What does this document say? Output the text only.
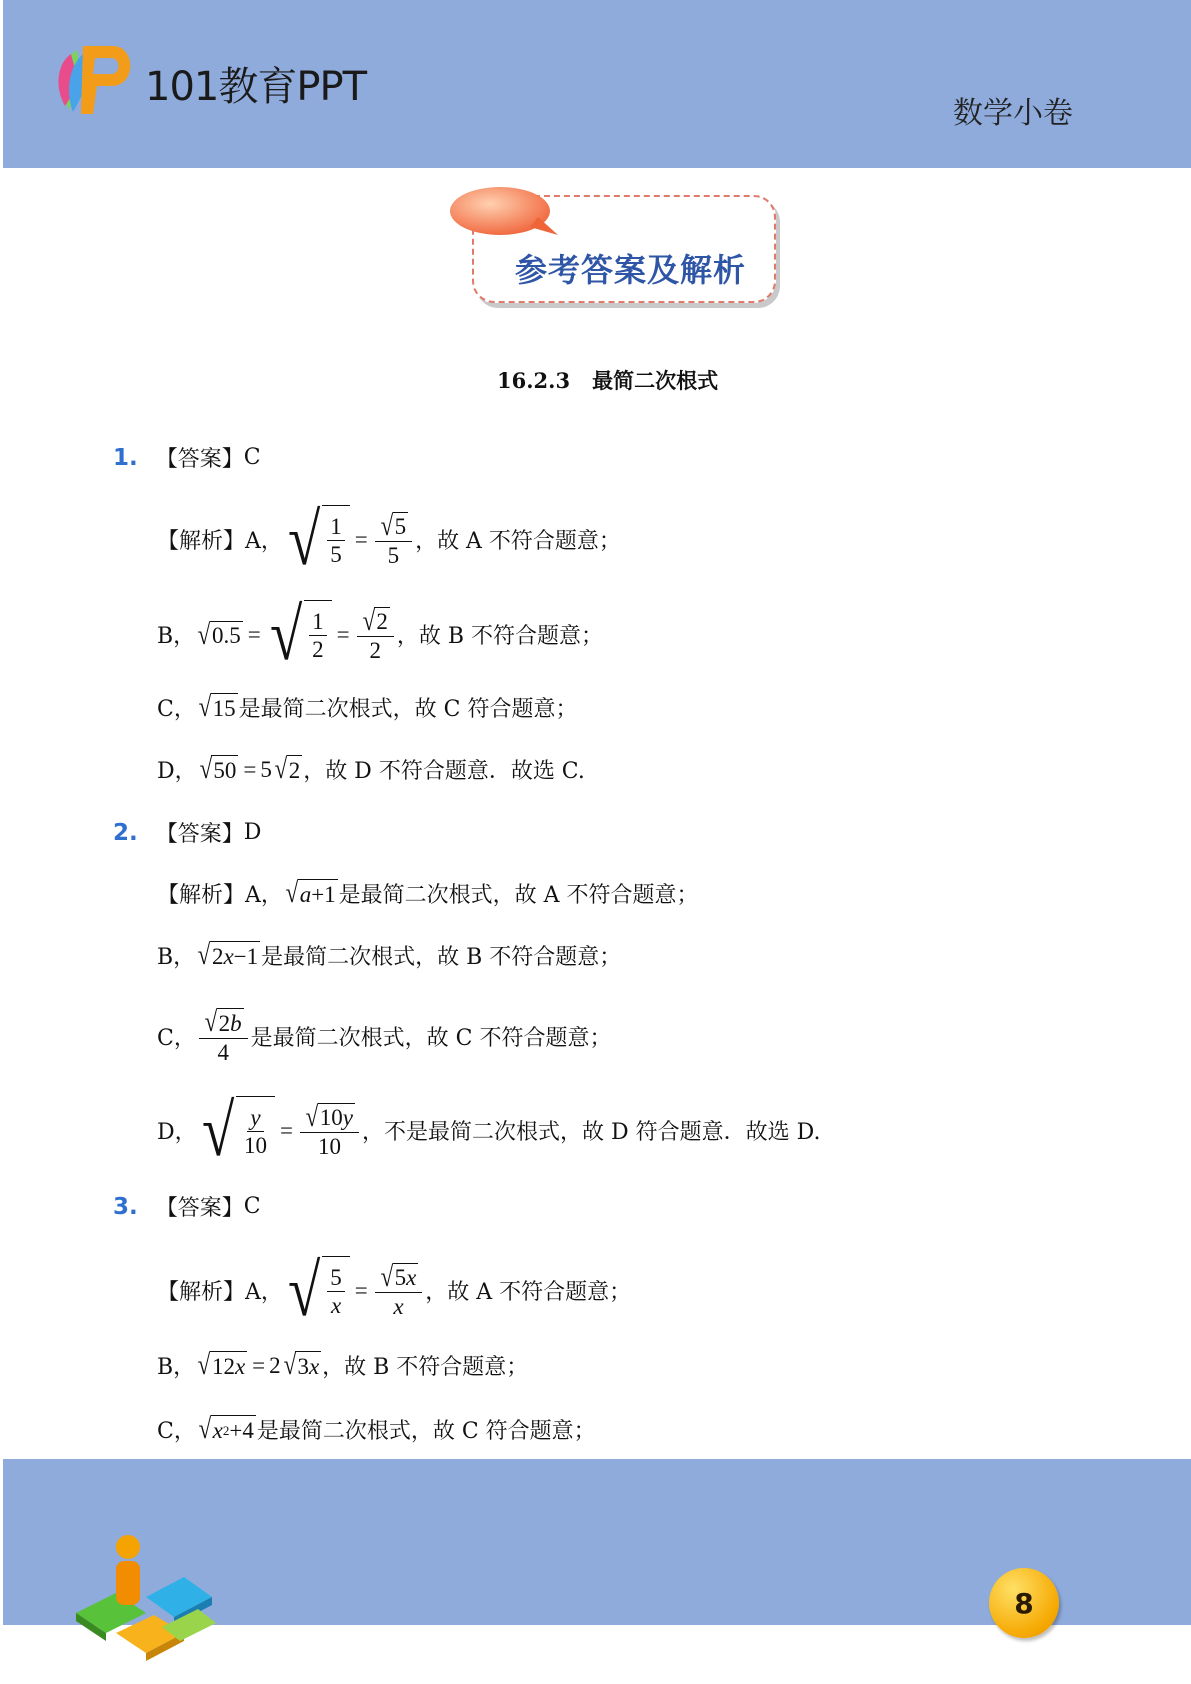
101教育PPT
数学小卷
参考答案及解析
16.2.3 最简二次根式
1. 【答案】 C
【解析】 A， √ $\frac{1}{5} = \frac{√ 5}{5}$ ，故 A 不符合题意；
B， √ 0.5 = √ $\frac{1}{2} = \frac{√ 2}{2}$ ，故 B 不符合题意；
C， √ 15 是最简二次根式，故 C 符合题意；
D， √ 50 = 5 √ 2 ，故 D 不符合题意．故选 C.
2. 【答案】 D
【解析】 A， √ a +1 是最简二次根式，故 A 不符合题意；
B， √ 2 x −1 是最简二次根式，故 B 不符合题意；
C， $\frac{√ 2 b}{4}$ 是最简二次根式，故 C 不符合题意；
D， √ $\frac{y}{10} = \frac{√ 10 y}{10}$ ，不是最简二次根式，故 D 符合题意．故选 D.
3. 【答案】 C
【解析】 A， √ $\frac{5}{x} = \frac{√ 5 x}{x}$ ，故 A 不符合题意；
B， √ 12 x = 2 √ 3 x ，故 B 不符合题意；
C， √ x 2 +4 是最简二次根式，故 C 符合题意；
8
